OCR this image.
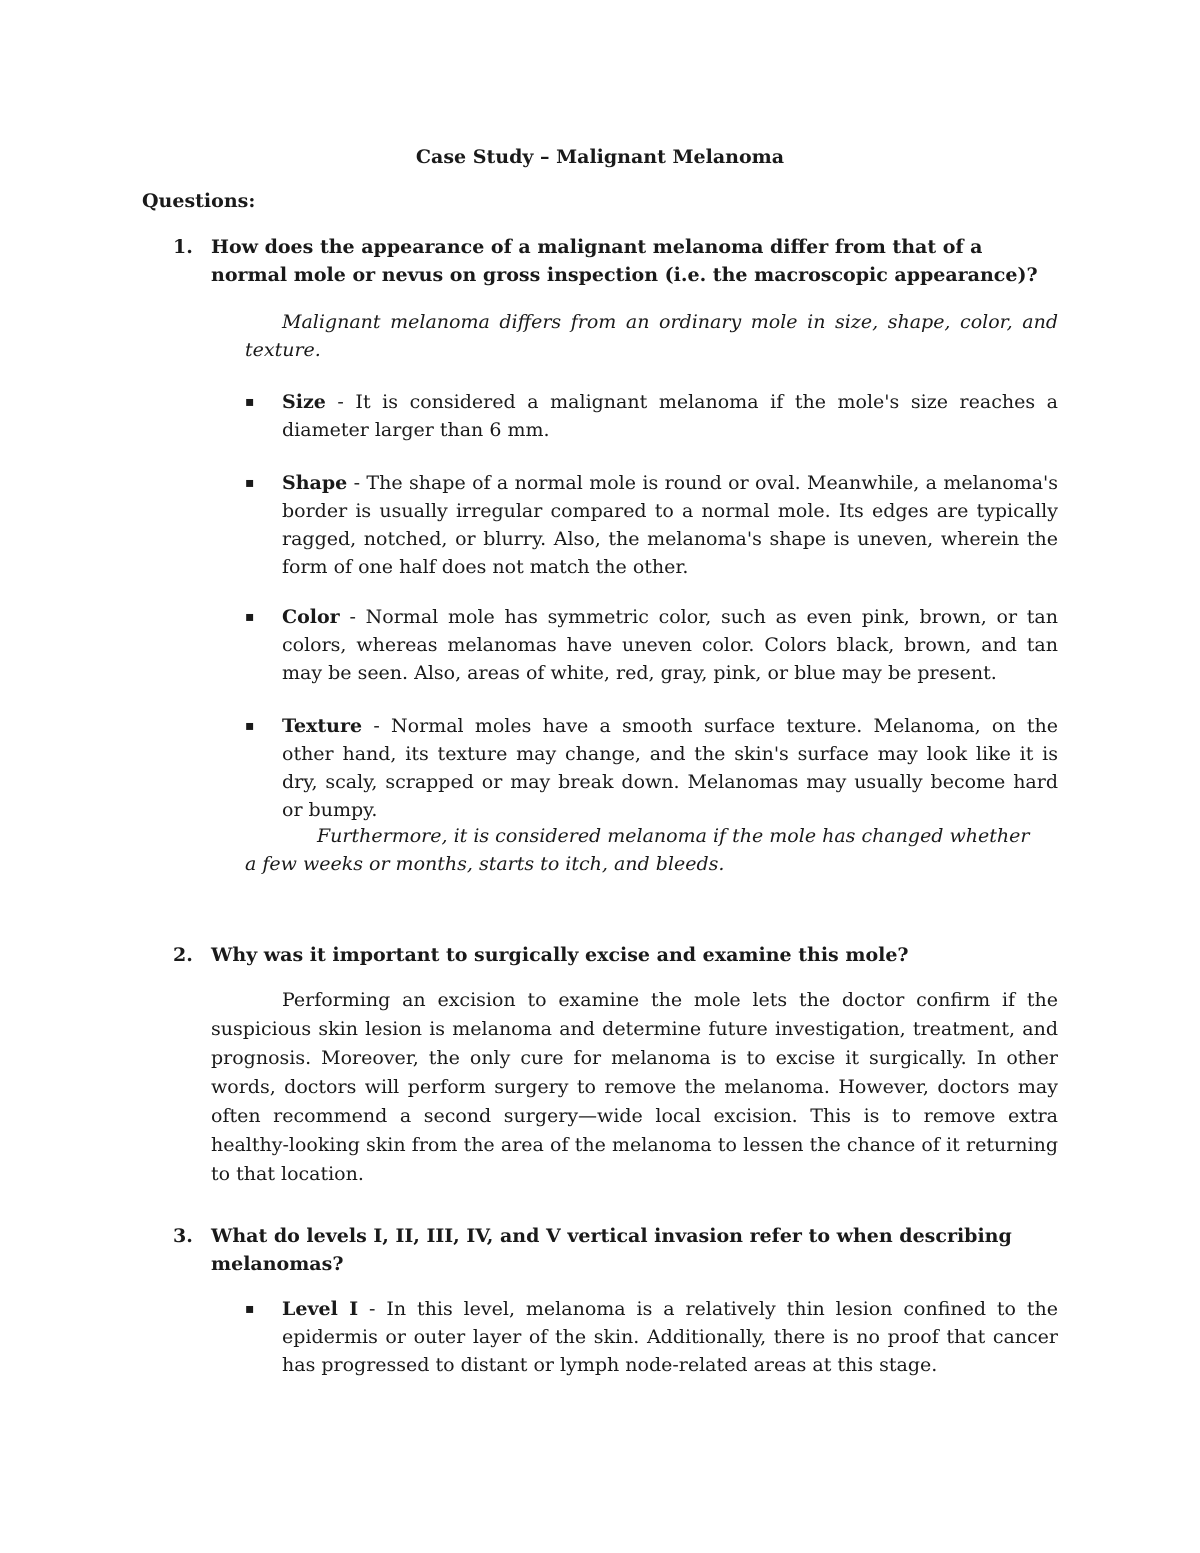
Case Study – Malignant Melanoma
Questions:
1. How does the appearance of a malignant melanoma differ from that of a normal mole or nevus on gross inspection (i.e. the macroscopic appearance)?
Malignant melanoma differs from an ordinary mole in size, shape, color, and texture.
▪ Size - It is considered a malignant melanoma if the mole's size reaches a diameter larger than 6 mm.
▪ Shape - The shape of a normal mole is round or oval. Meanwhile, a melanoma's border is usually irregular compared to a normal mole. Its edges are typically ragged, notched, or blurry. Also, the melanoma's shape is uneven, wherein the form of one half does not match the other.
▪ Color - Normal mole has symmetric color, such as even pink, brown, or tan colors, whereas melanomas have uneven color. Colors black, brown, and tan may be seen. Also, areas of white, red, gray, pink, or blue may be present.
▪ Texture - Normal moles have a smooth surface texture. Melanoma, on the other hand, its texture may change, and the skin's surface may look like it is dry, scaly, scrapped or may break down. Melanomas may usually become hard or bumpy.
Furthermore, it is considered melanoma if the mole has changed whether a few weeks or months, starts to itch, and bleeds.
2. Why was it important to surgically excise and examine this mole?
Performing an excision to examine the mole lets the doctor confirm if the suspicious skin lesion is melanoma and determine future investigation, treatment, and prognosis. Moreover, the only cure for melanoma is to excise it surgically. In other words, doctors will perform surgery to remove the melanoma. However, doctors may often recommend a second surgery—wide local excision. This is to remove extra healthy-looking skin from the area of the melanoma to lessen the chance of it returning to that location.
3. What do levels I, II, III, IV, and V vertical invasion refer to when describing melanomas?
▪ Level I - In this level, melanoma is a relatively thin lesion confined to the epidermis or outer layer of the skin. Additionally, there is no proof that cancer has progressed to distant or lymph node-related areas at this stage.
